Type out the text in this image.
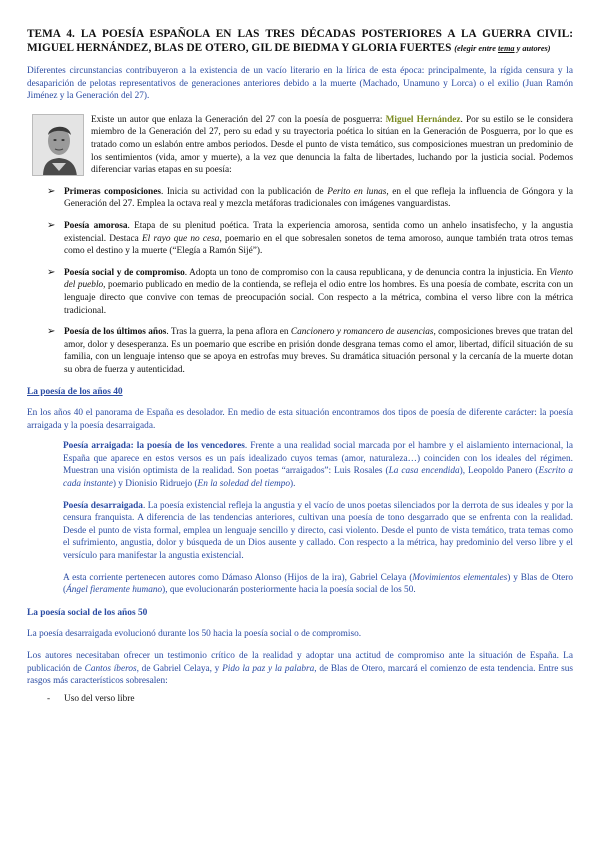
TEMA 4. LA POESÍA ESPAÑOLA EN LAS TRES DÉCADAS POSTERIORES A LA GUERRA CIVIL: MIGUEL HERNÁNDEZ, BLAS DE OTERO, GIL DE BIEDMA Y GLORIA FUERTES (elegir entre tema y autores)

Diferentes circunstancias contribuyeron a la existencia de un vacío literario en la lírica de esta época: principalmente, la rígida censura y la desaparición de pelotas representativos de generaciones anteriores debido a la muerte (Machado, Unamuno y Lorca) o el exilio (Juan Ramón Jiménez y la Generación del 27).

Existe un autor que enlaza la Generación del 27 con la poesía de posguerra: Miguel Hernández. Por su estilo se le considera miembro de la Generación del 27, pero su edad y su trayectoria poética lo sitúan en la Generación de Posguerra, por lo que es tratado como un eslabón entre ambos periodos. Desde el punto de vista temático, sus composiciones muestran un predominio de los sentimientos (vida, amor y muerte), a la vez que denuncia la falta de libertades, luchando por la justicia social. Podemos diferenciar varias etapas en su poesía:

➢ Primeras composiciones. Inicia su actividad con la publicación de Perito en lunas, en el que refleja la influencia de Góngora y la Generación del 27. Emplea la octava real y mezcla metáforas tradicionales con imágenes vanguardistas.

➢ Poesía amorosa. Etapa de su plenitud poética. Trata la experiencia amorosa, sentida como un anhelo insatisfecho, y la angustia existencial. Destaca El rayo que no cesa, poemario en el que sobresalen sonetos de tema amoroso, aunque también trata otros temas como el destino y la muerte (“Elegía a Ramón Sijé”).

➢ Poesía social y de compromiso. Adopta un tono de compromiso con la causa republicana, y de denuncia contra la injusticia. En Viento del pueblo, poemario publicado en medio de la contienda, se refleja el odio entre los hombres. Es una poesía de combate, escrita con un lenguaje directo que convive con temas de preocupación social. Con respecto a la métrica, combina el verso libre con la métrica tradicional.

➢ Poesía de los últimos años. Tras la guerra, la pena aflora en Cancionero y romancero de ausencias, composiciones breves que tratan del amor, dolor y desesperanza. Es un poemario que escribe en prisión donde desgrana temas como el amor, libertad, difícil situación de su familia, con un lenguaje intenso que se apoya en estrofas muy breves. Su dramática situación personal y la cercanía de la muerte dotan su obra de fuerza y autenticidad.

La poesía de los años 40

En los años 40 el panorama de España es desolador. En medio de esta situación encontramos dos tipos de poesía de diferente carácter: la poesía arraigada y la poesía desarraigada.

Poesía arraigada: la poesía de los vencedores. Frente a una realidad social marcada por el hambre y el aislamiento internacional, la España que aparece en estos versos es un país idealizado cuyos temas (amor, naturaleza…) coinciden con los ideales del régimen. Muestran una visión optimista de la realidad. Son poetas “arraigados”: Luis Rosales (La casa encendida), Leopoldo Panero (Escrito a cada instante) y Dionisio Ridruejo (En la soledad del tiempo).

Poesía desarraigada. La poesía existencial refleja la angustia y el vacío de unos poetas silenciados por la derrota de sus ideales y por la censura franquista. A diferencia de las tendencias anteriores, cultivan una poesía de tono desgarrado que se enfrenta con la realidad. Desde el punto de vista formal, emplea un lenguaje sencillo y directo, casi violento. Desde el punto de vista temático, trata temas como el sufrimiento, angustia, dolor y búsqueda de un Dios ausente y callado. Con respecto a la métrica, hay predominio del verso libre y el versículo para manifestar la angustia existencial.

A esta corriente pertenecen autores como Dámaso Alonso (Hijos de la ira), Gabriel Celaya (Movimientos elementales) y Blas de Otero (Ángel fieramente humano), que evolucionarán posteriormente hacia la poesía social de los 50.

La poesía social de los años 50

La poesía desarraigada evolucionó durante los 50 hacia la poesía social o de compromiso.

Los autores necesitaban ofrecer un testimonio crítico de la realidad y adoptar una actitud de compromiso ante la situación de España. La publicación de Cantos íberos, de Gabriel Celaya, y Pido la paz y la palabra, de Blas de Otero, marcará el comienzo de esta tendencia. Entre sus rasgos más característicos sobresalen:

- Uso del verso libre
